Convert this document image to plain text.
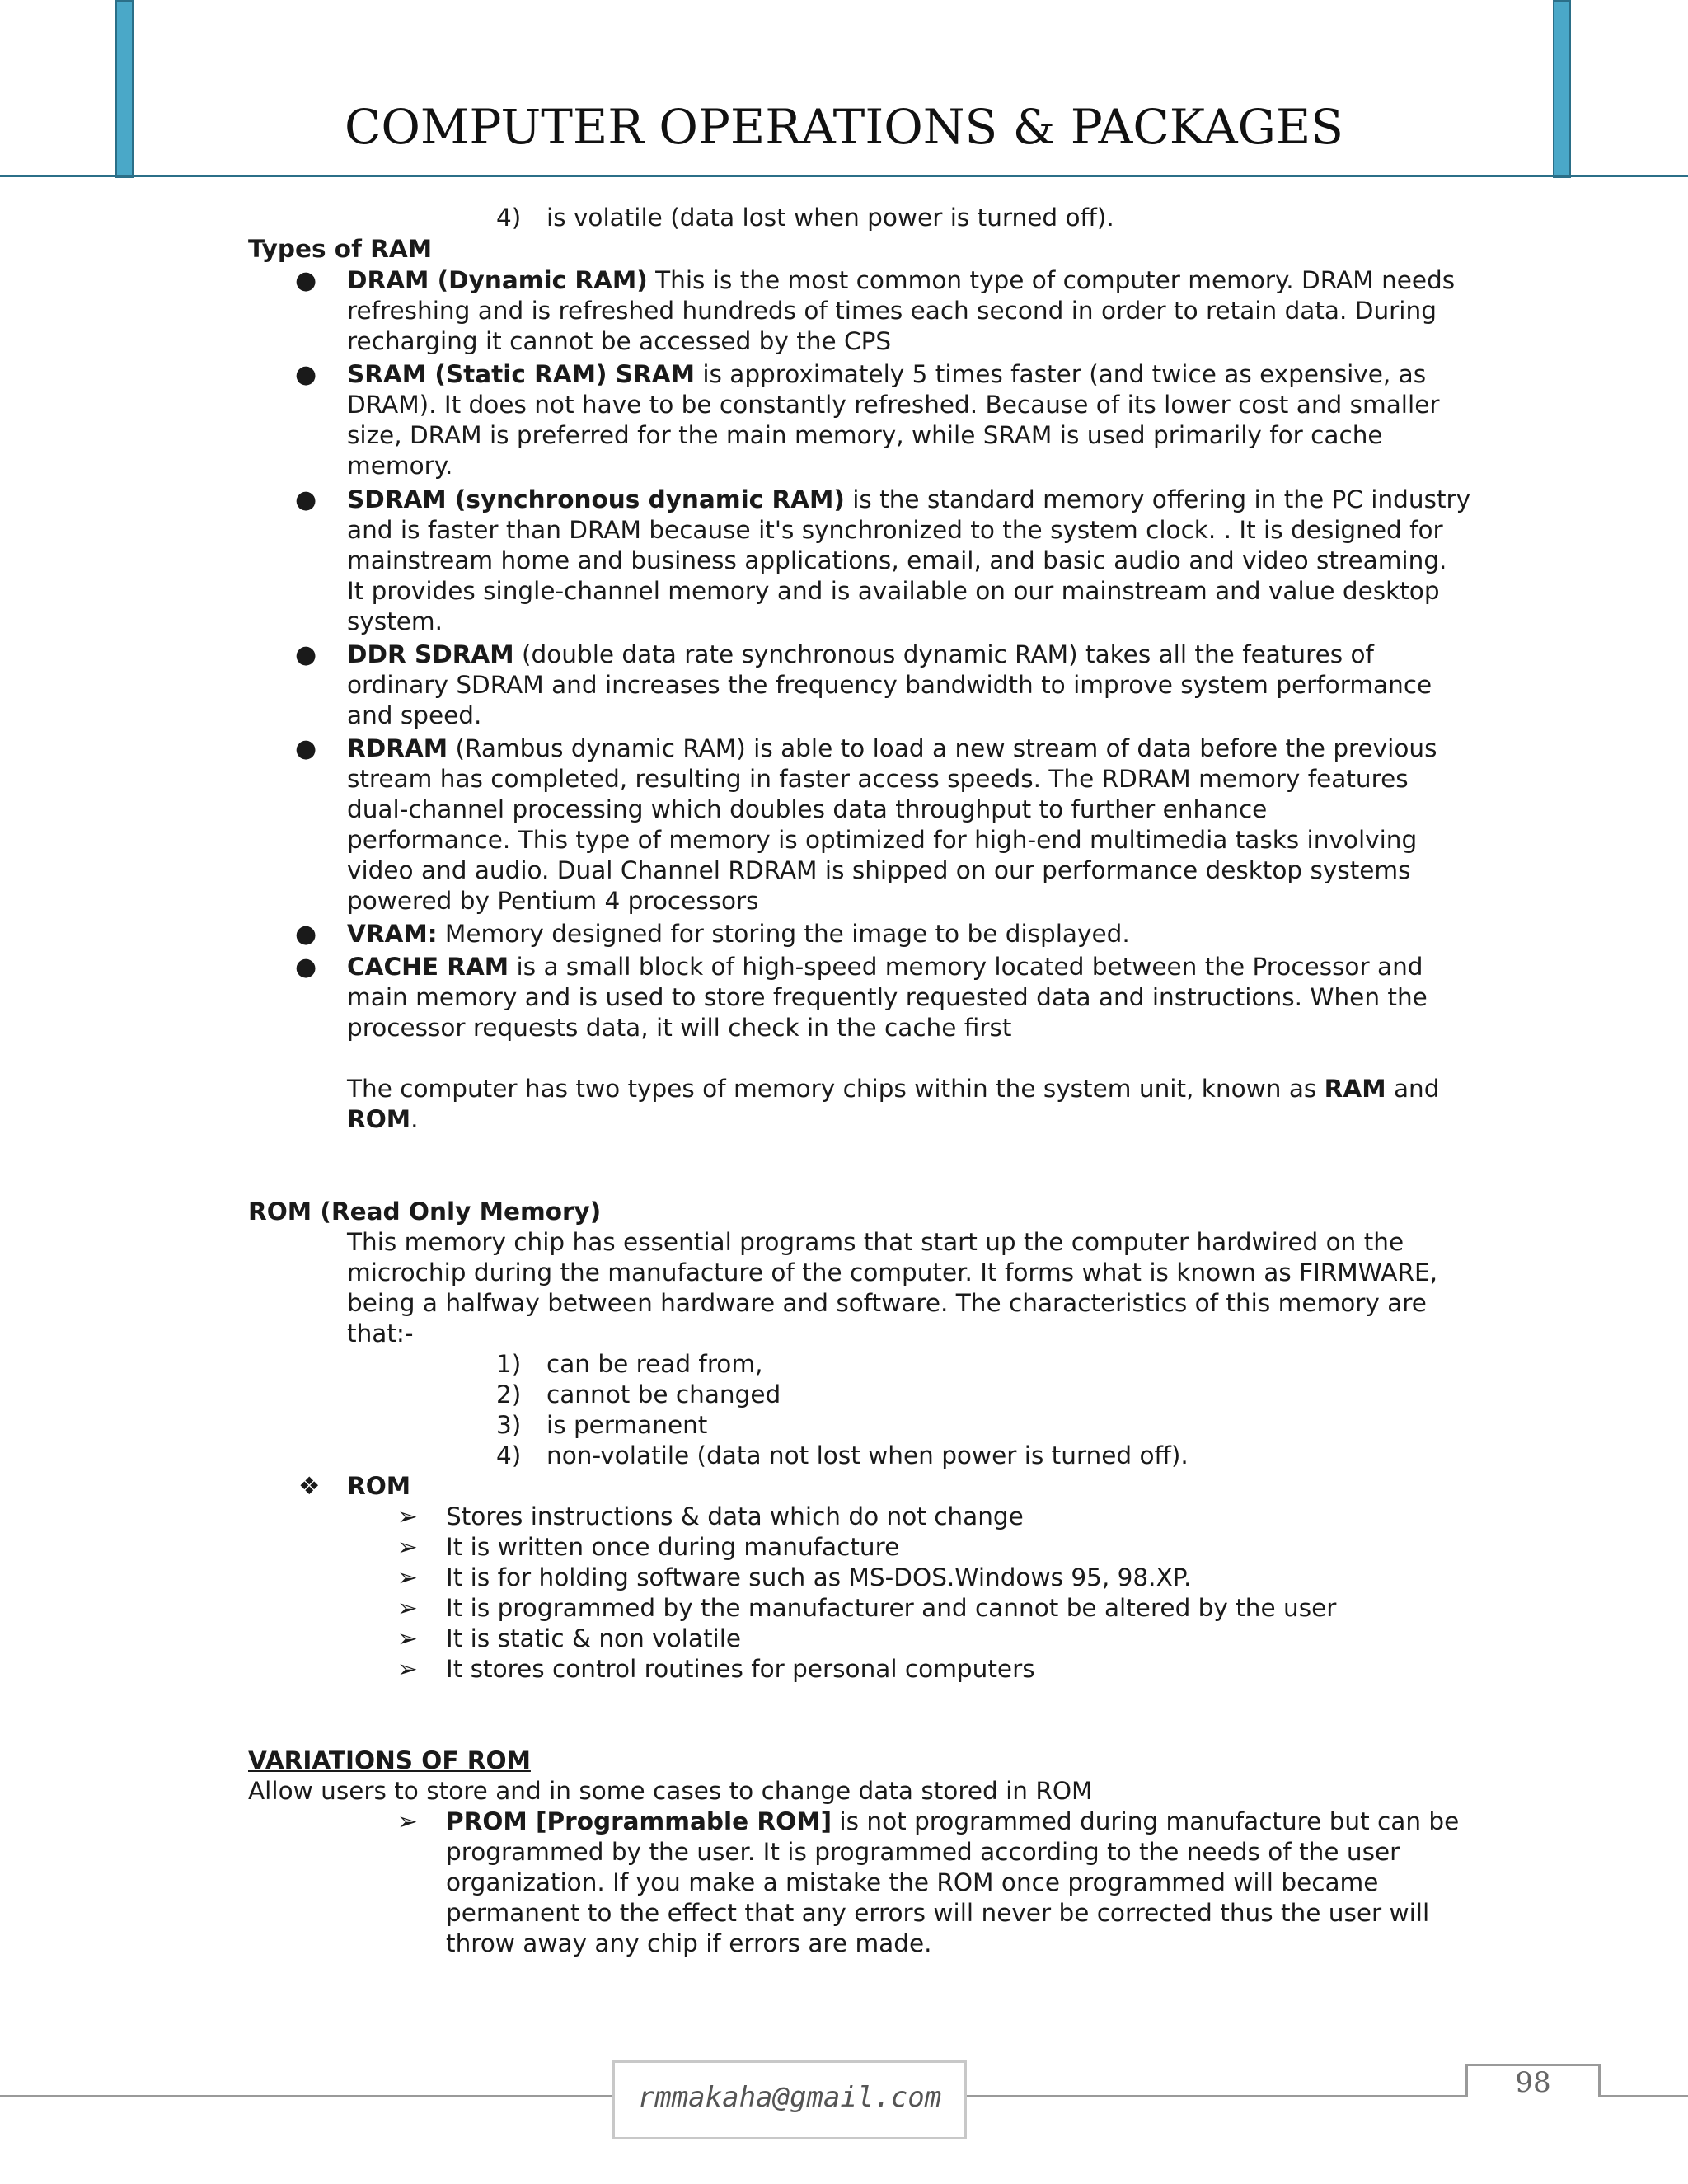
COMPUTER OPERATIONS & PACKAGES
4) is volatile (data lost when power is turned off).
Types of RAM
● DRAM (Dynamic RAM) This is the most common type of computer memory. DRAM needs
refreshing and is refreshed hundreds of times each second in order to retain data. During
recharging it cannot be accessed by the CPS
● SRAM (Static RAM) SRAM is approximately 5 times faster (and twice as expensive, as
DRAM). It does not have to be constantly refreshed. Because of its lower cost and smaller
size, DRAM is preferred for the main memory, while SRAM is used primarily for cache
memory.
● SDRAM (synchronous dynamic RAM) is the standard memory offering in the PC industry
and is faster than DRAM because it's synchronized to the system clock. . It is designed for
mainstream home and business applications, email, and basic audio and video streaming.
It provides single-channel memory and is available on our mainstream and value desktop
system.
● DDR SDRAM (double data rate synchronous dynamic RAM) takes all the features of
ordinary SDRAM and increases the frequency bandwidth to improve system performance
and speed.
● RDRAM (Rambus dynamic RAM) is able to load a new stream of data before the previous
stream has completed, resulting in faster access speeds. The RDRAM memory features
dual-channel processing which doubles data throughput to further enhance
performance. This type of memory is optimized for high-end multimedia tasks involving
video and audio. Dual Channel RDRAM is shipped on our performance desktop systems
powered by Pentium 4 processors
● VRAM: Memory designed for storing the image to be displayed.
● CACHE RAM is a small block of high-speed memory located between the Processor and
main memory and is used to store frequently requested data and instructions. When the
processor requests data, it will check in the cache first
The computer has two types of memory chips within the system unit, known as RAM and
ROM.
ROM (Read Only Memory)
This memory chip has essential programs that start up the computer hardwired on the
microchip during the manufacture of the computer. It forms what is known as FIRMWARE,
being a halfway between hardware and software. The characteristics of this memory are
that:-
1) can be read from,
2) cannot be changed
3) is permanent
4) non-volatile (data not lost when power is turned off).
❖ ROM
➢ Stores instructions & data which do not change
➢ It is written once during manufacture
➢ It is for holding software such as MS-DOS.Windows 95, 98.XP.
➢ It is programmed by the manufacturer and cannot be altered by the user
➢ It is static & non volatile
➢ It stores control routines for personal computers
VARIATIONS OF ROM
Allow users to store and in some cases to change data stored in ROM
➢ PROM [Programmable ROM] is not programmed during manufacture but can be
programmed by the user. It is programmed according to the needs of the user
organization. If you make a mistake the ROM once programmed will became
permanent to the effect that any errors will never be corrected thus the user will
throw away any chip if errors are made.
rmmakaha@gmail.com	98
